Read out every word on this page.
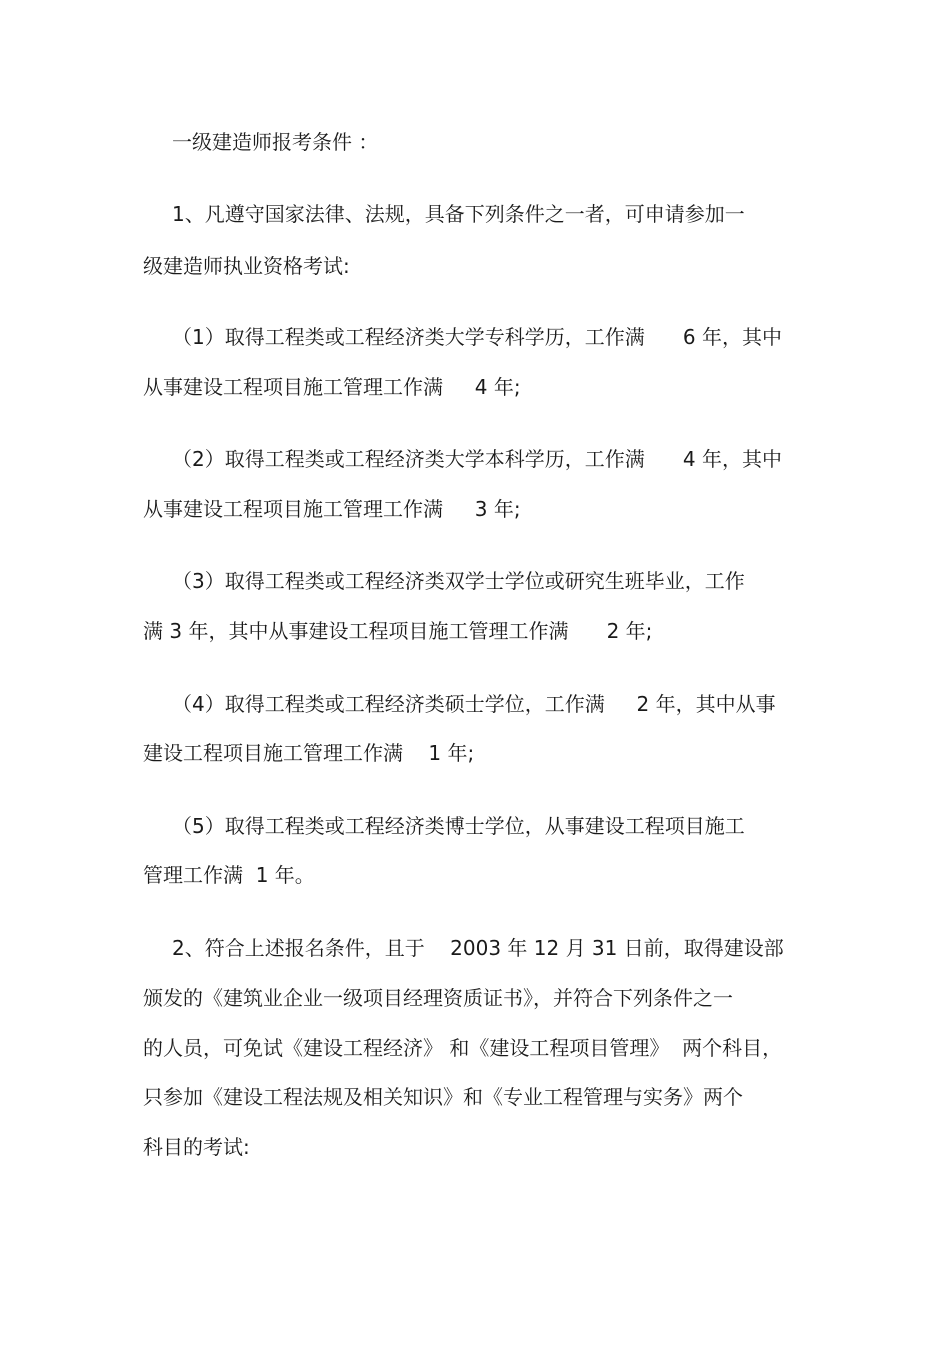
一级建造师报考条件 ：
1、凡遵守国家法律、法规，具备下列条件之一者，可申请参加一
级建造师执业资格考试:
（1）取得工程类或工程经济类大学专科学历，工作满      6 年，其中
从事建设工程项目施工管理工作满     4 年;
（2）取得工程类或工程经济类大学本科学历，工作满      4 年，其中
从事建设工程项目施工管理工作满     3 年;
（3）取得工程类或工程经济类双学士学位或研究生班毕业，工作
满 3 年，其中从事建设工程项目施工管理工作满      2 年;
（4）取得工程类或工程经济类硕士学位，工作满     2 年，其中从事
建设工程项目施工管理工作满    1 年;
（5）取得工程类或工程经济类博士学位，从事建设工程项目施工
管理工作满  1 年。
2、符合上述报名条件，且于    2003 年 12 月 31 日前，取得建设部
颁发的《建筑业企业一级项目经理资质证书》，并符合下列条件之一
的人员，可免试《建设工程经济》 和《建设工程项目管理》  两个科目，
只参加《建设工程法规及相关知识》和《专业工程管理与实务》两个
科目的考试:
